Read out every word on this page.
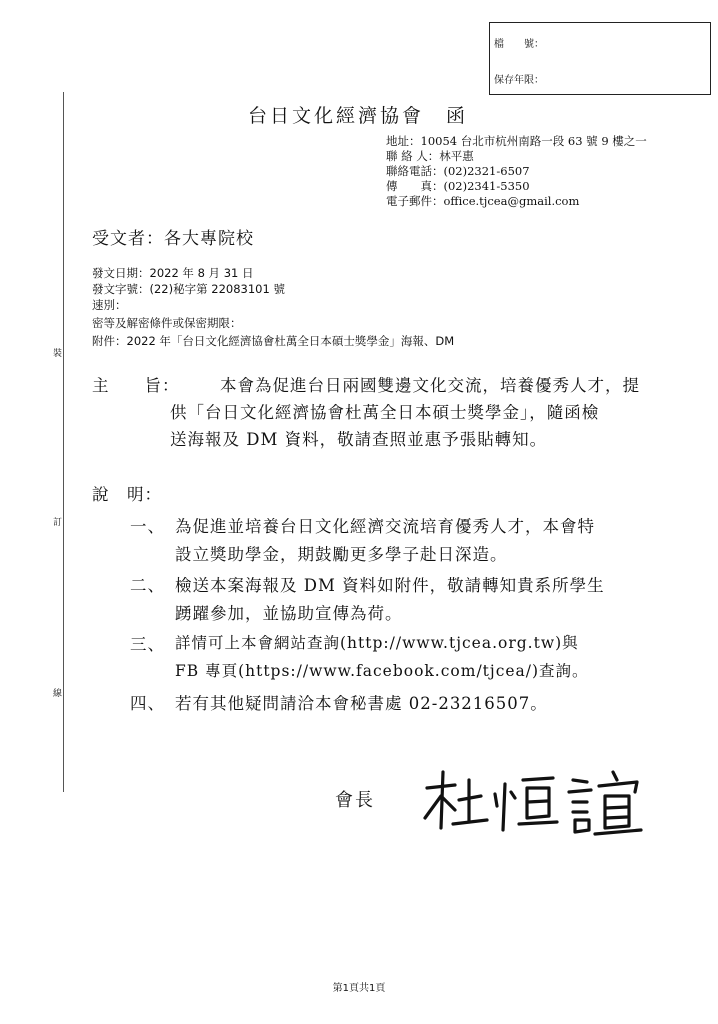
檔　　號：
保存年限：
裝
訂
線
台日文化經濟協會　函
地址：10054 台北市杭州南路一段 63 號 9 樓之一
聯 絡 人：林平惠
聯絡電話：(02)2321-6507
傳　　真：(02)2341-5350
電子郵件：office.tjcea@gmail.com
受文者：各大專院校
發文日期：2022 年 8 月 31 日
發文字號：(22)秘字第 22083101 號
速別：
密等及解密條件或保密期限：
附件：2022 年「台日文化經濟協會杜萬全日本碩士獎學金」海報、DM
主　　旨： 本會為促進台日兩國雙邊文化交流，培養優秀人才，提
供「台日文化經濟協會杜萬全日本碩士獎學金」，隨函檢
送海報及 DM 資料，敬請查照並惠予張貼轉知。
說　明：
一、 為促進並培養台日文化經濟交流培育優秀人才，本會特
設立獎助學金，期鼓勵更多學子赴日深造。
二、 檢送本案海報及 DM 資料如附件，敬請轉知貴系所學生
踴躍參加，並協助宣傳為荷。
三、 詳情可上本會網站查詢(http://www.tjcea.org.tw)與
FB 專頁(https://www.facebook.com/tjcea/)查詢。
四、 若有其他疑問請洽本會秘書處 02-23216507。
會長
第1頁共1頁
